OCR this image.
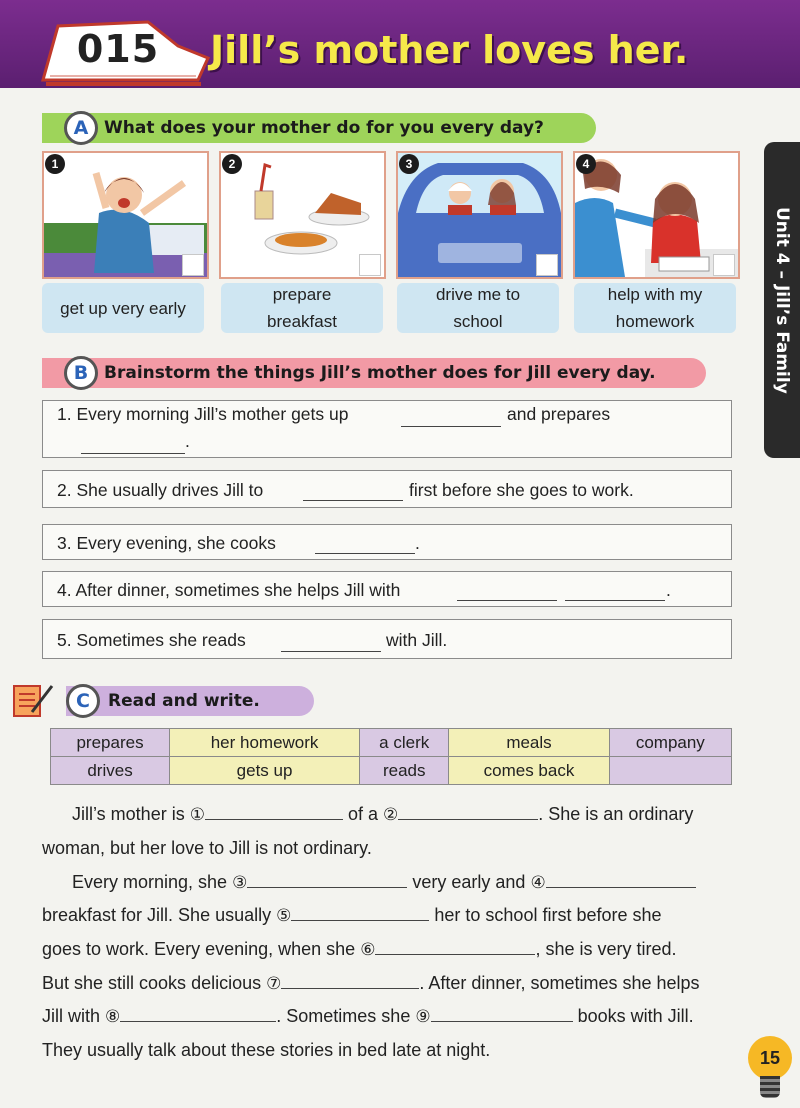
015	Jill’s mother loves her.
Unit 4 – Jill’s Family
A What does your mother do for you every day?
1	2	3	4
get up very early
prepare
breakfast
drive me to
school
help with my
homework
B Brainstorm the things Jill’s mother does for Jill every day.
1. Every morning Jill’s mother gets up	and prepares
.
2. She usually drives Jill to	first before she goes to work.
3. Every evening, she cooks	.
4. After dinner, sometimes she helps Jill with	.
5. Sometimes she reads	with Jill.
C	Read and write.
prepares	her homework	a clerk	meals	company
drives	gets up	reads	comes back	
Jill’s mother is ①	of a ②	. She is an ordinary
woman, but her love to Jill is not ordinary.
Every morning, she ③	very early and ④
breakfast for Jill. She usually ⑤	her to school first before she
goes to work. Every evening, when she ⑥	, she is very tired.
But she still cooks delicious ⑦	. After dinner, sometimes she helps
Jill with ⑧	. Sometimes she ⑨	books with Jill.
They usually talk about these stories in bed late at night.	15
